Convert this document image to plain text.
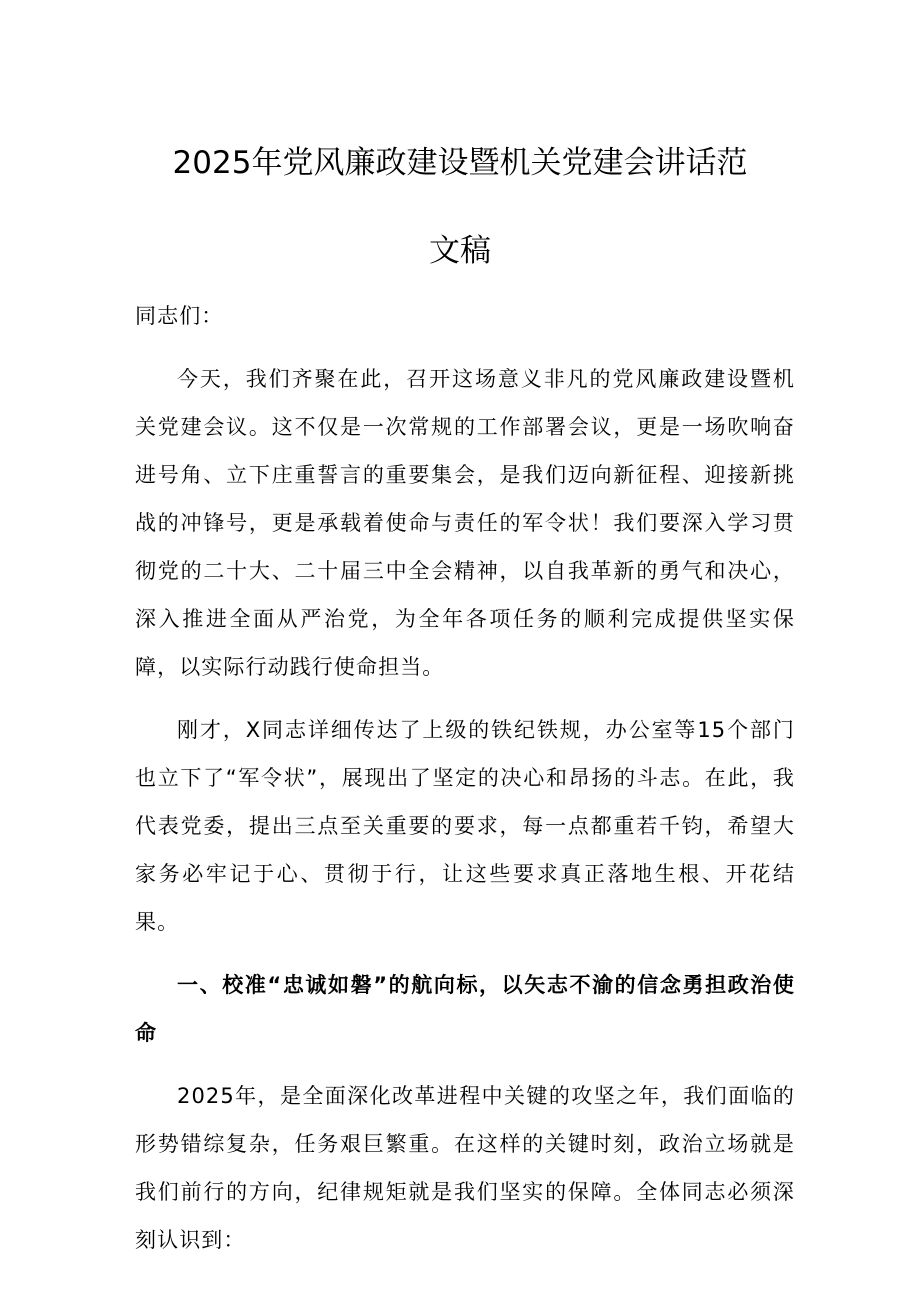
2025年党风廉政建设暨机关党建会讲话范
文稿

同志们：

今天，我们齐聚在此，召开这场意义非凡的党风廉政建设暨机关党建会议。这不仅是一次常规的工作部署会议，更是一场吹响奋进号角、立下庄重誓言的重要集会，是我们迈向新征程、迎接新挑战的冲锋号，更是承载着使命与责任的军令状！我们要深入学习贯彻党的二十大、二十届三中全会精神，以自我革新的勇气和决心，深入推进全面从严治党，为全年各项任务的顺利完成提供坚实保障，以实际行动践行使命担当。

刚才，X同志详细传达了上级的铁纪铁规，办公室等15个部门也立下了“军令状”，展现出了坚定的决心和昂扬的斗志。在此，我代表党委，提出三点至关重要的要求，每一点都重若千钧，希望大家务必牢记于心、贯彻于行，让这些要求真正落地生根、开花结果。

一、校准“忠诚如磐”的航向标，以矢志不渝的信念勇担政治使命

2025年，是全面深化改革进程中关键的攻坚之年，我们面临的形势错综复杂，任务艰巨繁重。在这样的关键时刻，政治立场就是我们前行的方向，纪律规矩就是我们坚实的保障。全体同志必须深刻认识到：
